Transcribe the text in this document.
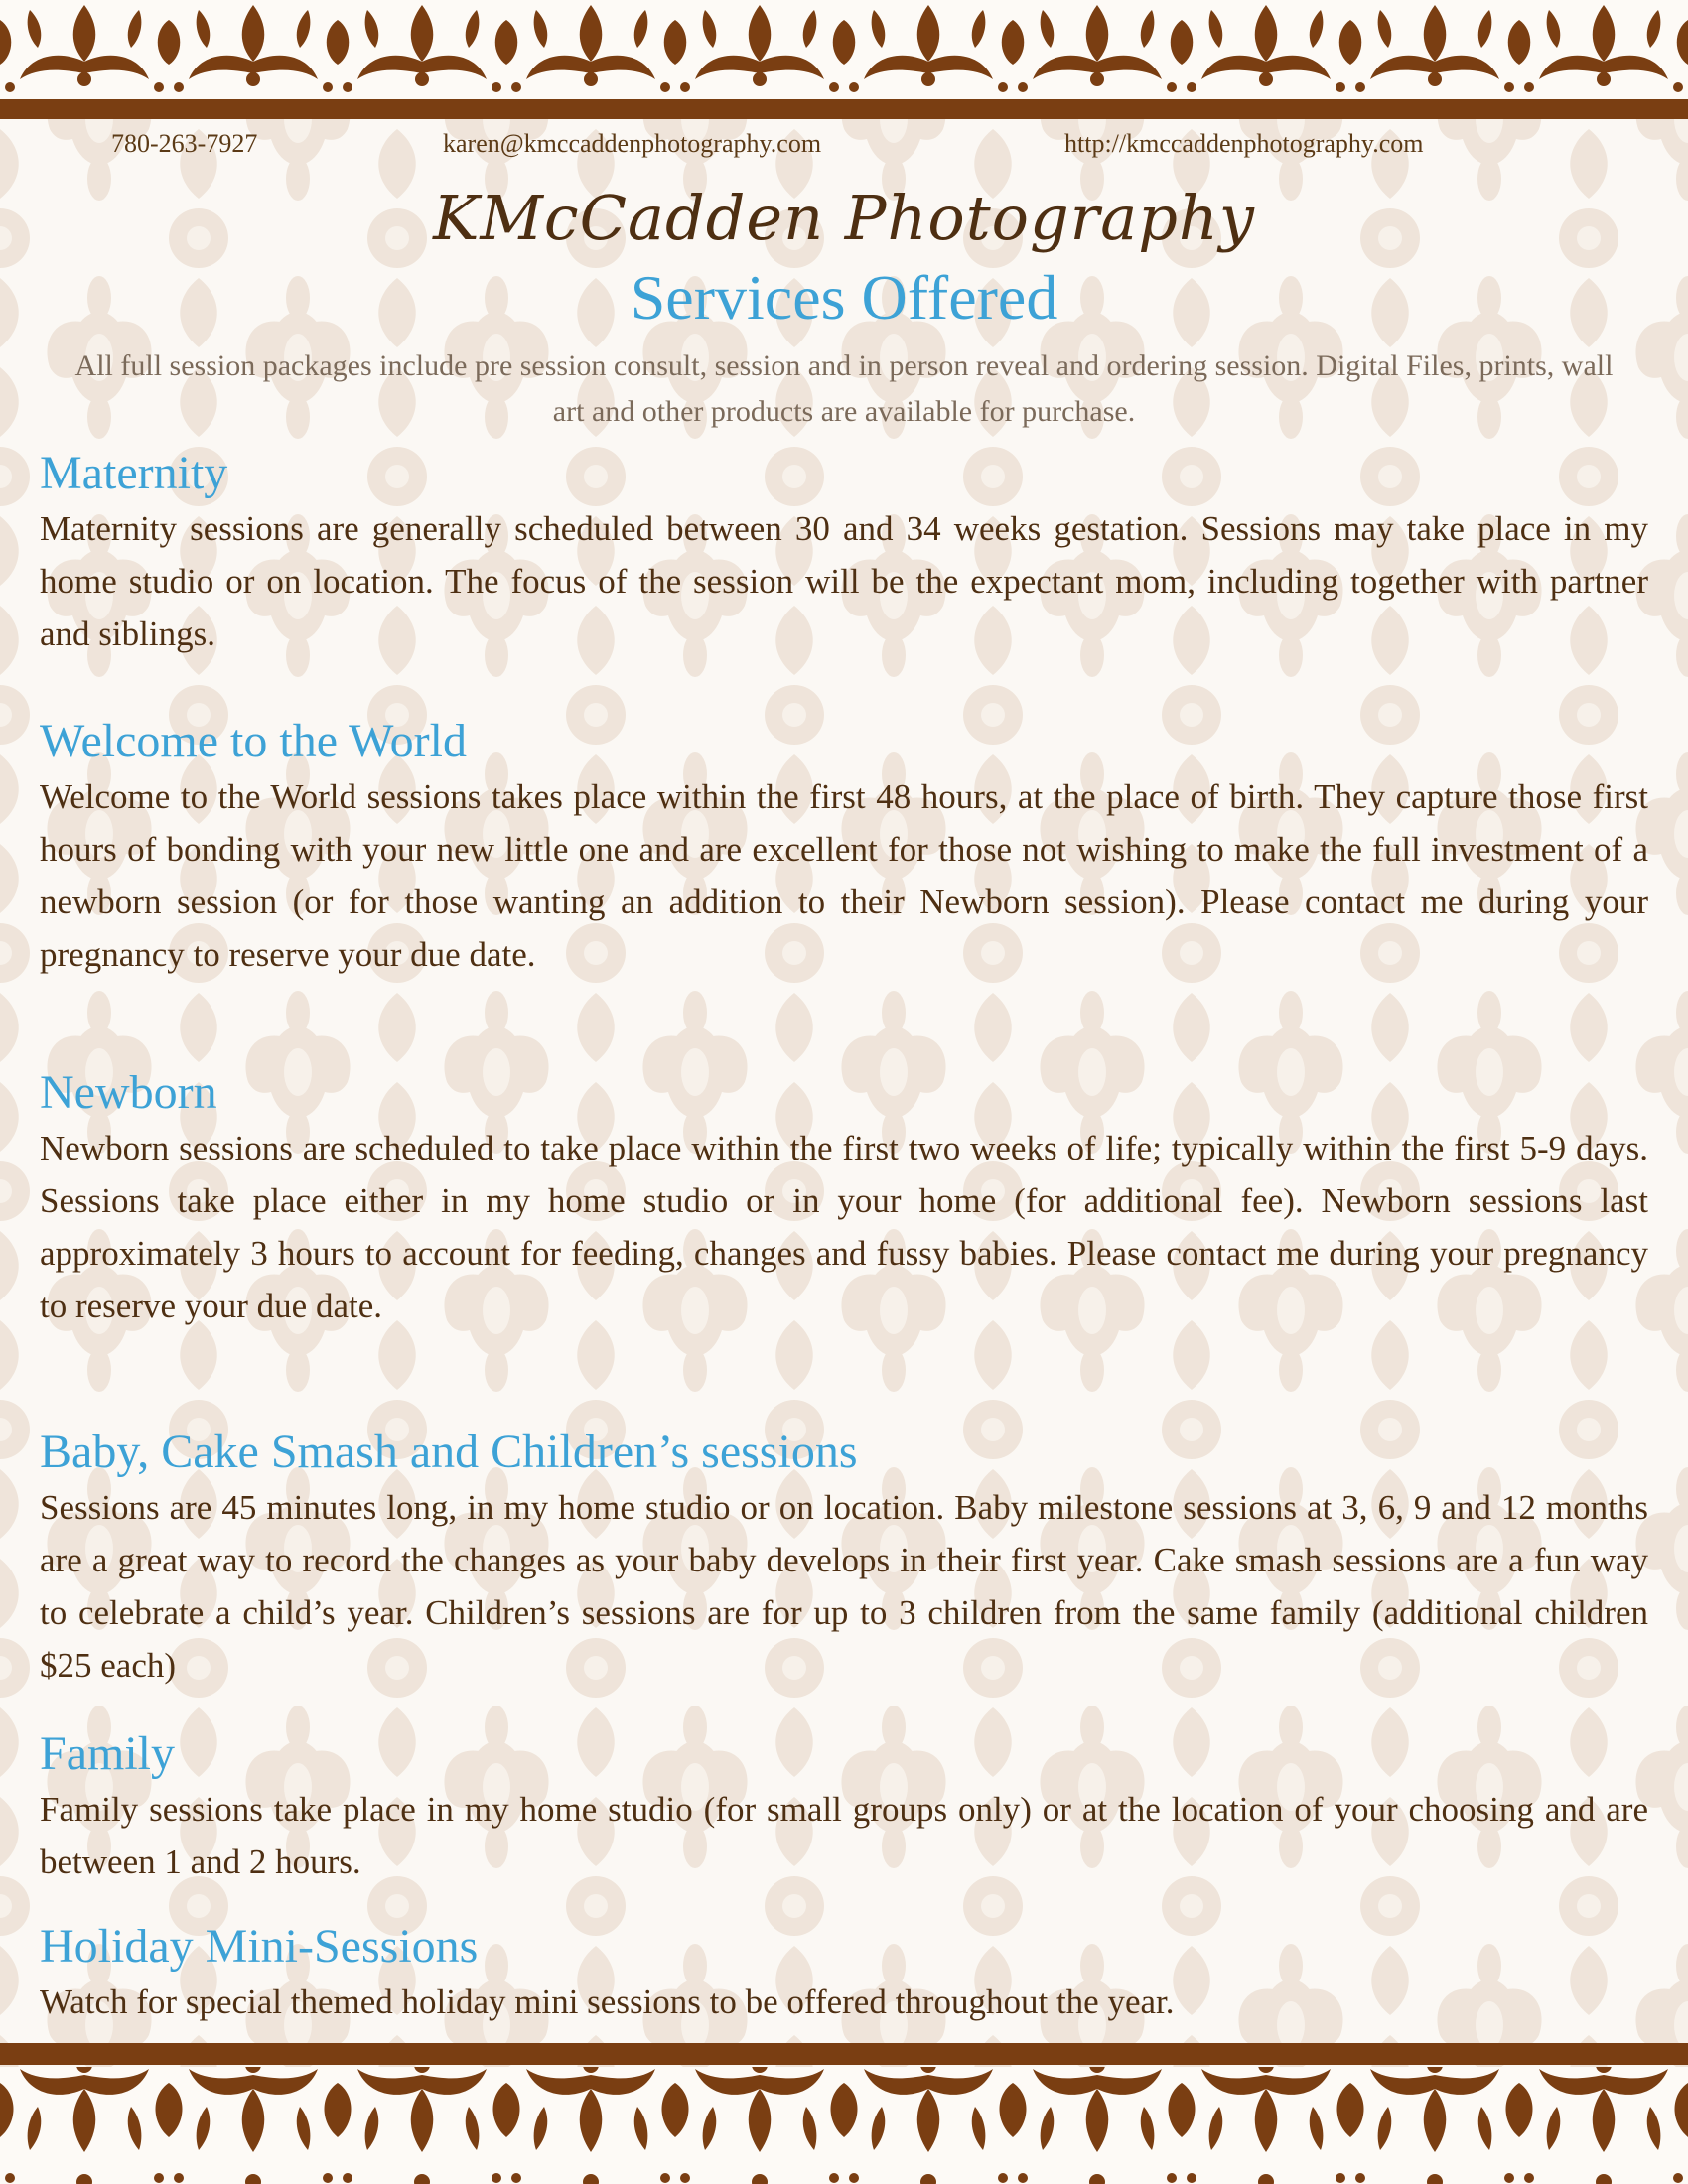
780-263-7927	karen@kmccaddenphotography.com	http://kmccaddenphotography.com
KMcCadden Photography
Services Offered
All full session packages include pre session consult, session and in person reveal and ordering session. Digital Files, prints, wall art and other products are available for purchase.
Maternity

Maternity sessions are generally scheduled between 30 and 34 weeks gestation. Sessions may take place in my home studio or on location. The focus of the session will be the expectant mom, including together with partner and siblings.

Welcome to the World

Welcome to the World sessions takes place within the first 48 hours, at the place of birth. They capture those first hours of bonding with your new little one and are excellent for those not wishing to make the full investment of a newborn session (or for those wanting an addition to their Newborn session). Please contact me during your pregnancy to reserve your due date.

Newborn

Newborn sessions are scheduled to take place within the first two weeks of life; typically within the first 5-9 days. Sessions take place either in my home studio or in your home (for additional fee). Newborn sessions last approximately 3 hours to account for feeding, changes and fussy babies. Please contact me during your pregnancy to reserve your due date.

Baby, Cake Smash and Children’s sessions

Sessions are 45 minutes long, in my home studio or on location. Baby milestone sessions at 3, 6, 9 and 12 months are a great way to record the changes as your baby develops in their first year. Cake smash sessions are a fun way to celebrate a child’s year. Children’s sessions are for up to 3 children from the same family (additional children $25 each)

Family

Family sessions take place in my home studio (for small groups only) or at the location of your choosing and are between 1 and 2 hours.

Holiday Mini-Sessions

Watch for special themed holiday mini sessions to be offered throughout the year.
